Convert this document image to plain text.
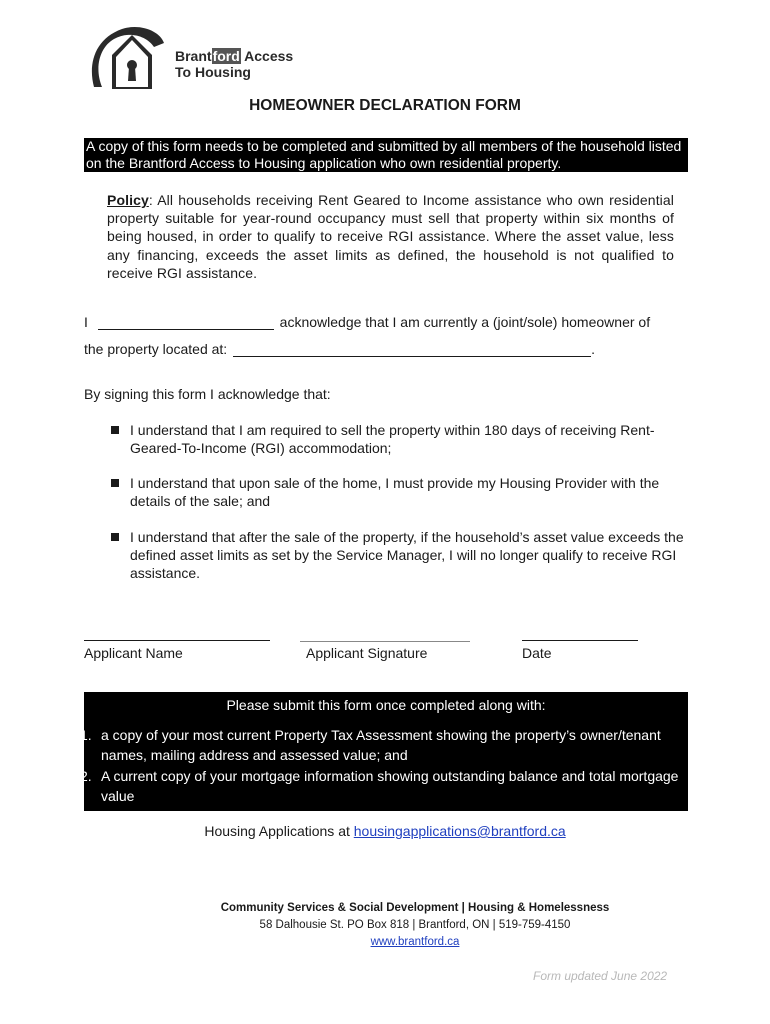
Brantford Access
To Housing
HOMEOWNER DECLARATION FORM
A copy of this form needs to be completed and submitted by all members of the household listed on the Brantford Access to Housing application who own residential property.
Policy: All households receiving Rent Geared to Income assistance who own residential property suitable for year-round occupancy must sell that property within six months of being housed, in order to qualify to receive RGI assistance. Where the asset value, less any financing, exceeds the asset limits as defined, the household is not qualified to receive RGI assistance.
I	acknowledge that I am currently a (joint/sole) homeowner of
the property located at:	.
By signing this form I acknowledge that:
I understand that I am required to sell the property within 180 days of receiving Rent-Geared-To-Income (RGI) accommodation;
I understand that upon sale of the home, I must provide my Housing Provider with the details of the sale; and
I understand that after the sale of the property, if the household’s asset value exceeds the defined asset limits as set by the Service Manager, I will no longer qualify to receive RGI assistance.
Applicant Name	Applicant Signature	Date
Please submit this form once completed along with:
1. a copy of your most current Property Tax Assessment showing the property’s owner/tenant names, mailing address and assessed value; and
2. A current copy of your mortgage information showing outstanding balance and total mortgage value
Housing Applications at housingapplications@brantford.ca
Community Services & Social Development | Housing & Homelessness
58 Dalhousie St. PO Box 818 | Brantford, ON | 519-759-4150
www.brantford.ca
Form updated June 2022
